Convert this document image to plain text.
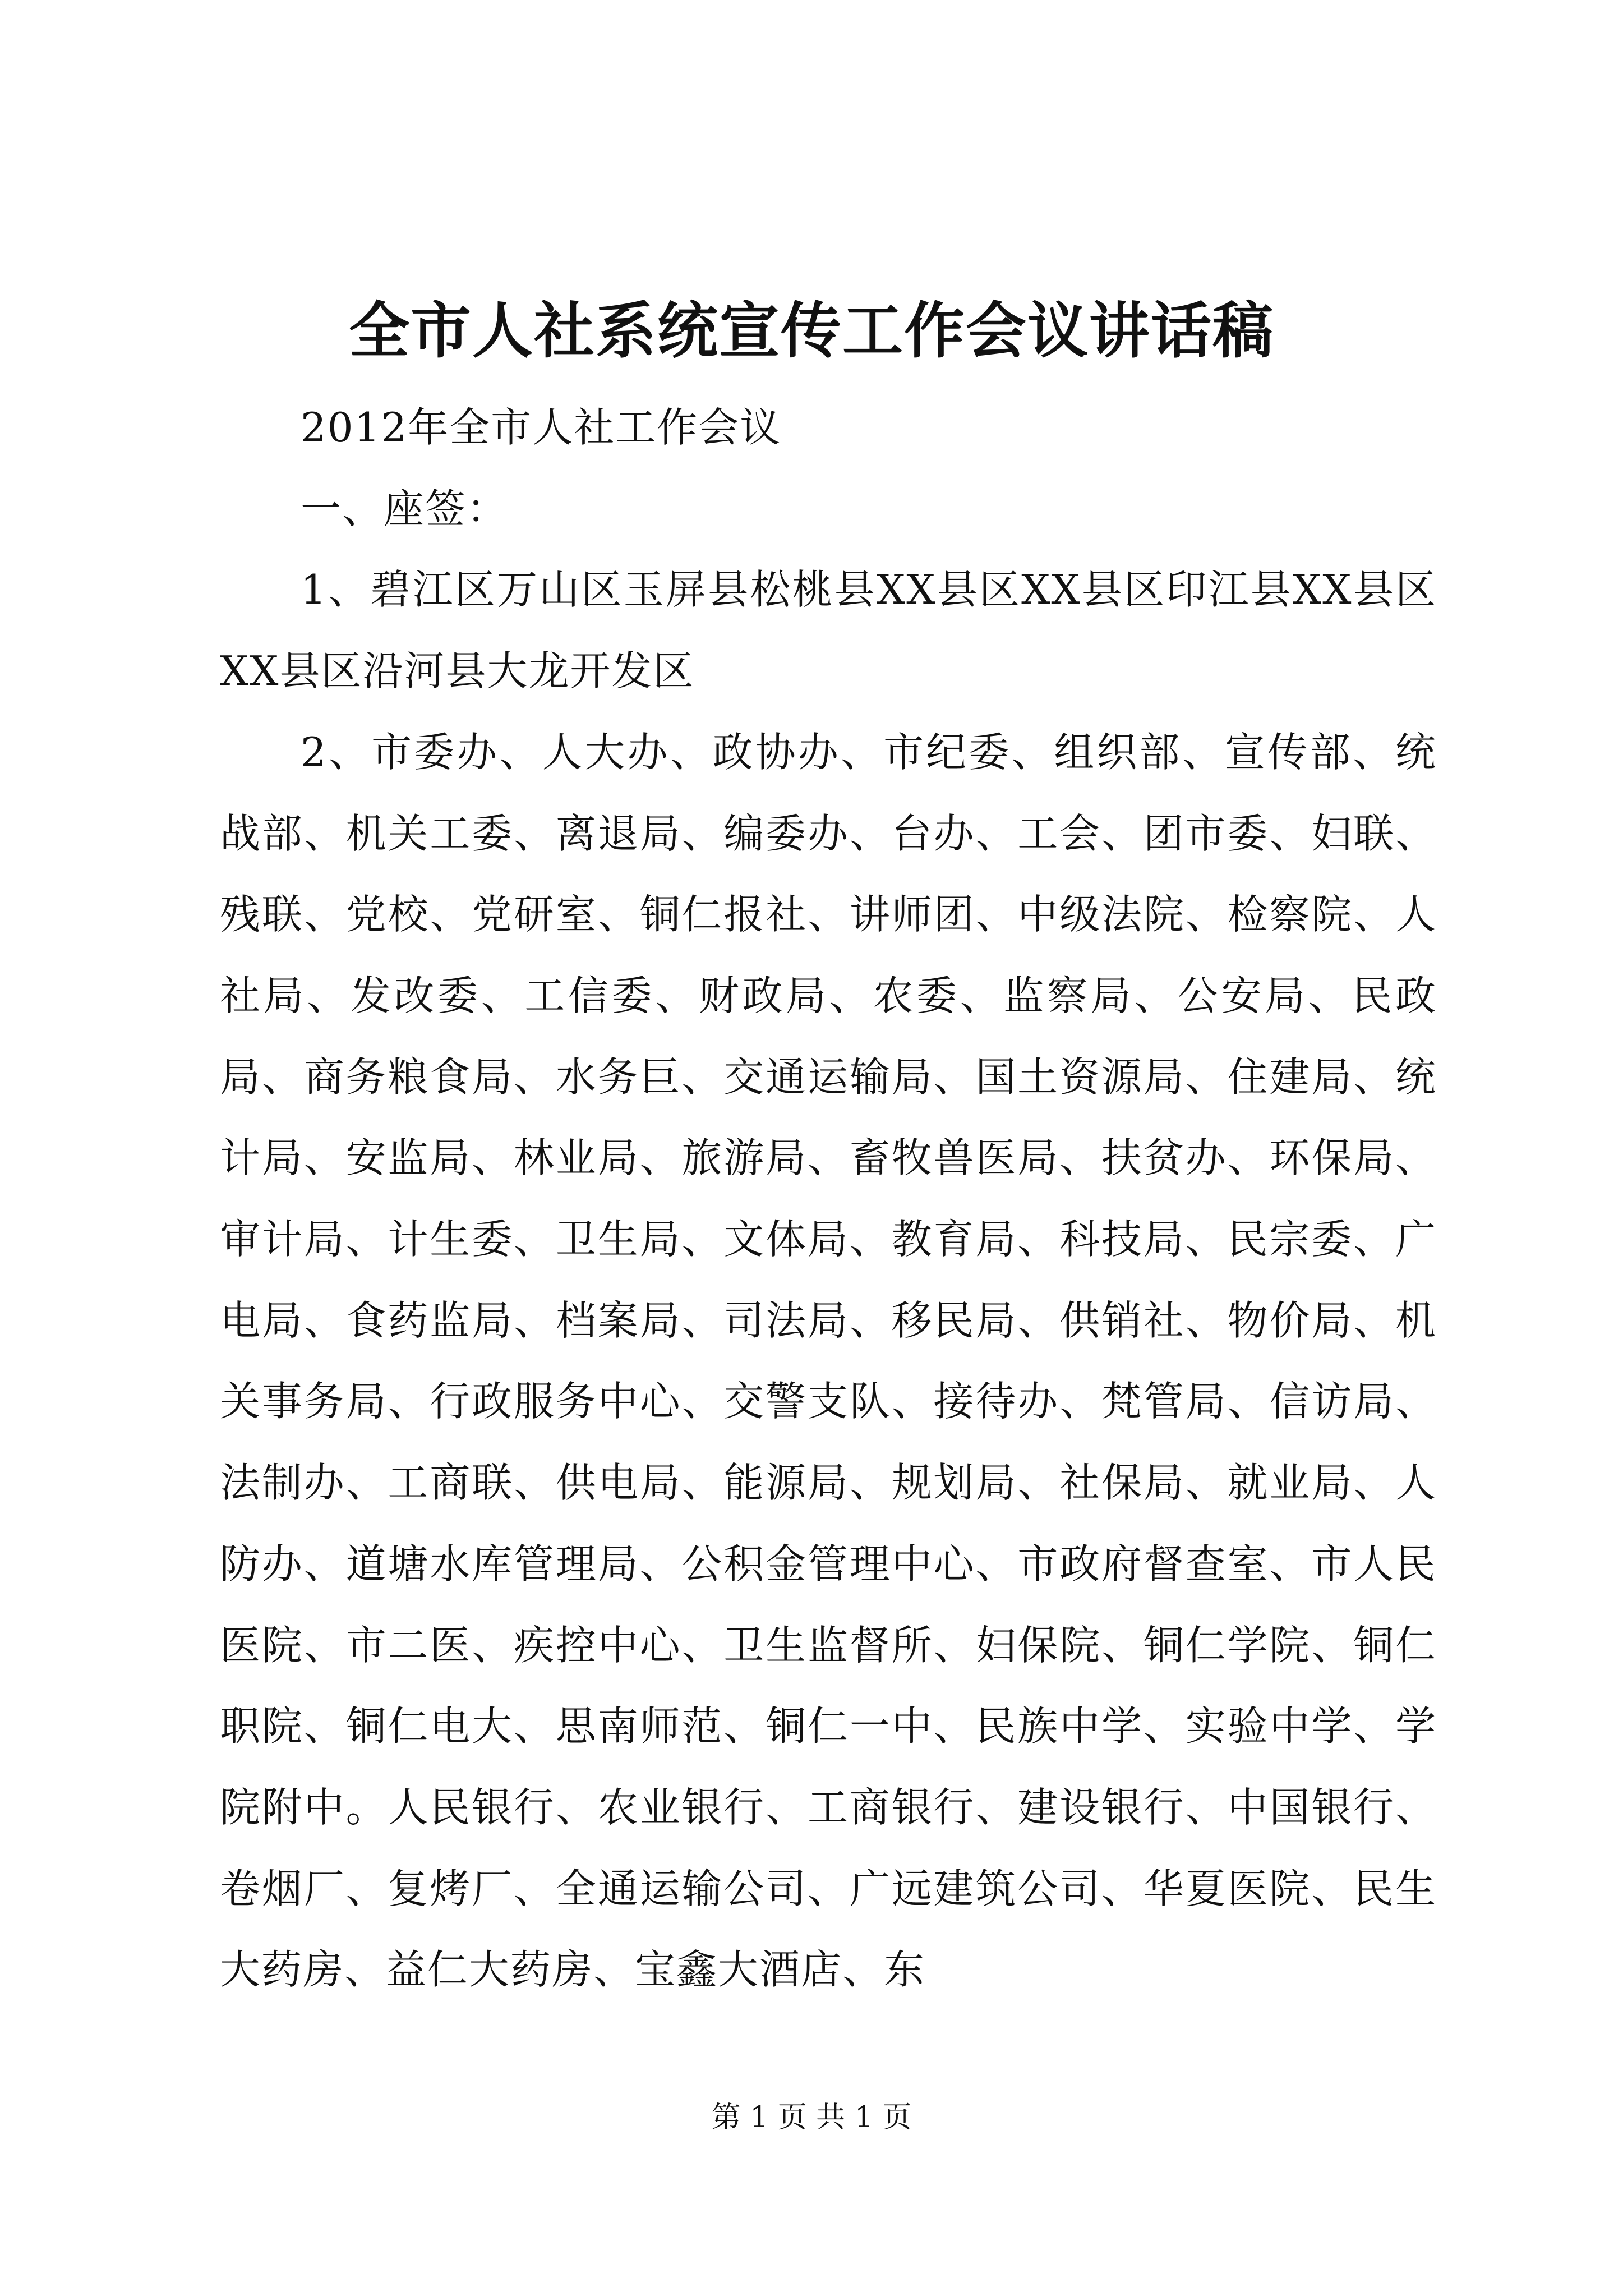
全市人社系统宣传工作会议讲话稿

2012年全市人社工作会议

一、座签：

1、碧江区万山区玉屏县松桃县XX县区XX县区印江县XX县区XX县区沿河县大龙开发区

2、市委办、人大办、政协办、市纪委、组织部、宣传部、统战部、机关工委、离退局、编委办、台办、工会、团市委、妇联、残联、党校、党研室、铜仁报社、讲师团、中级法院、检察院、人社局、发改委、工信委、财政局、农委、监察局、公安局、民政局、商务粮食局、水务巨、交通运输局、国土资源局、住建局、统计局、安监局、林业局、旅游局、畜牧兽医局、扶贫办、环保局、审计局、计生委、卫生局、文体局、教育局、科技局、民宗委、广电局、食药监局、档案局、司法局、移民局、供销社、物价局、机关事务局、行政服务中心、交警支队、接待办、梵管局、信访局、法制办、工商联、供电局、能源局、规划局、社保局、就业局、人防办、道塘水库管理局、公积金管理中心、市政府督查室、市人民医院、市二医、疾控中心、卫生监督所、妇保院、铜仁学院、铜仁职院、铜仁电大、思南师范、铜仁一中、民族中学、实验中学、学院附中。人民银行、农业银行、工商银行、建设银行、中国银行、卷烟厂、复烤厂、全通运输公司、广远建筑公司、华夏医院、民生大药房、益仁大药房、宝鑫大酒店、东

第 1 页 共 1 页
